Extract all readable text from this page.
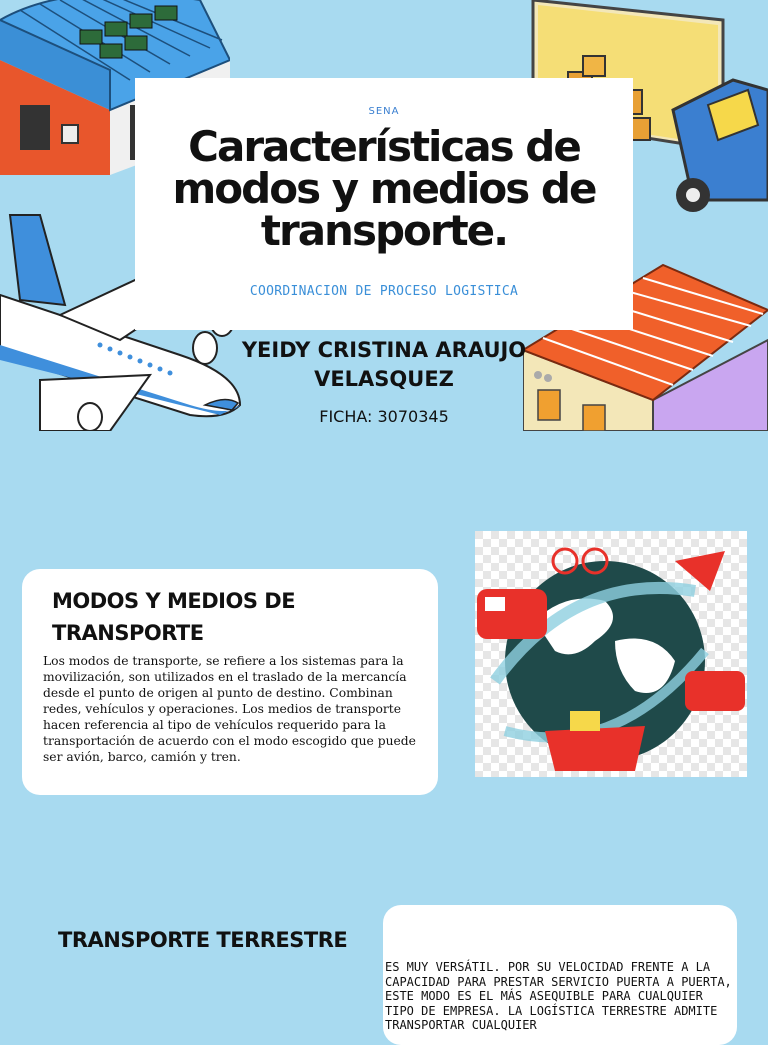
SENA
Características de modos y medios de transporte.
COORDINACION DE PROCESO LOGISTICA
YEIDY CRISTINA ARAUJO VELASQUEZ
FICHA: 3070345
MODOS Y MEDIOS DE TRANSPORTE
Los modos de transporte, se refiere a los sistemas para la movilización, son utilizados en el traslado de la mercancía desde el punto de origen al punto de destino. Combinan redes, vehículos y operaciones. Los medios de transporte hacen referencia al tipo de vehículos requerido para la transportación de acuerdo con el modo escogido que puede ser avión, barco, camión y tren.
TRANSPORTE TERRESTRE
ES MUY VERSÁTIL. POR SU VELOCIDAD FRENTE A LA CAPACIDAD PARA PRESTAR SERVICIO PUERTA A PUERTA, ESTE MODO ES EL MÁS ASEQUIBLE PARA CUALQUIER TIPO DE EMPRESA. LA LOGÍSTICA TERRESTRE ADMITE TRANSPORTAR CUALQUIER
